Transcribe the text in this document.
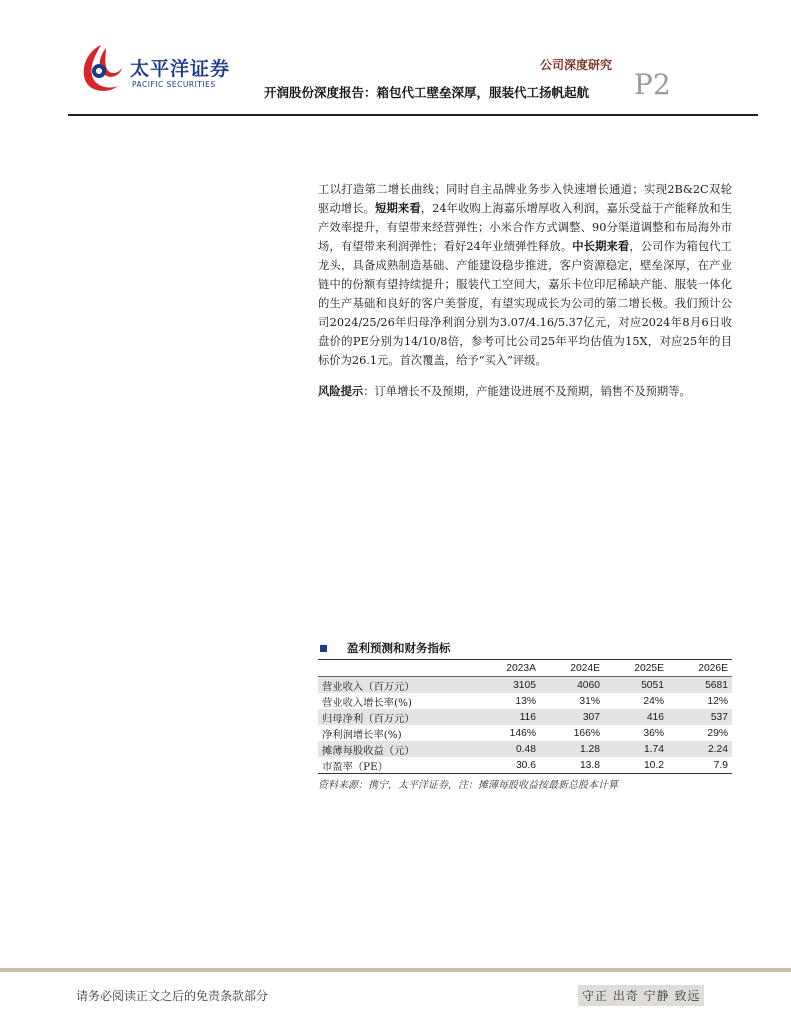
太平洋证券
PACIFIC SECURITIES
公司深度研究
P2
开润股份深度报告：箱包代工壁垒深厚，服装代工扬帆起航
工以打造第二增长曲线；同时自主品牌业务步入快速增长通道；实现2B&2C双轮驱动增长。短期来看，24年收购上海嘉乐增厚收入利润，嘉乐受益于产能释放和生产效率提升，有望带来经营弹性；小米合作方式调整、90分渠道调整和布局海外市场，有望带来利润弹性；看好24年业绩弹性释放。中长期来看，公司作为箱包代工龙头，具备成熟制造基础、产能建设稳步推进，客户资源稳定，壁垒深厚，在产业链中的份额有望持续提升；服装代工空间大，嘉乐卡位印尼稀缺产能、服装一体化的生产基础和良好的客户美誉度，有望实现成长为公司的第二增长极。我们预计公司2024/25/26年归母净利润分别为3.07/4.16/5.37亿元，对应2024年8月6日收盘价的PE分别为14/10/8倍，参考可比公司25年平均估值为15X，对应25年的目标价为26.1元。首次覆盖，给予“买入”评级。
风险提示：订单增长不及预期，产能建设进展不及预期，销售不及预期等。
盈利预测和财务指标
	2023A	2024E	2025E	2026E
营业收入（百万元）	3105	4060	5051	5681
营业收入增长率(%)	13%	31%	24%	12%
归母净利（百万元）	116	307	416	537
净利润增长率(%)	146%	166%	36%	29%
摊薄每股收益（元）	0.48	1.28	1.74	2.24
市盈率（PE）	30.6	13.8	10.2	7.9
资料来源：携宁，太平洋证券，注：摊薄每股收益按最新总股本计算
请务必阅读正文之后的免责条款部分	守正 出奇 宁静 致远
